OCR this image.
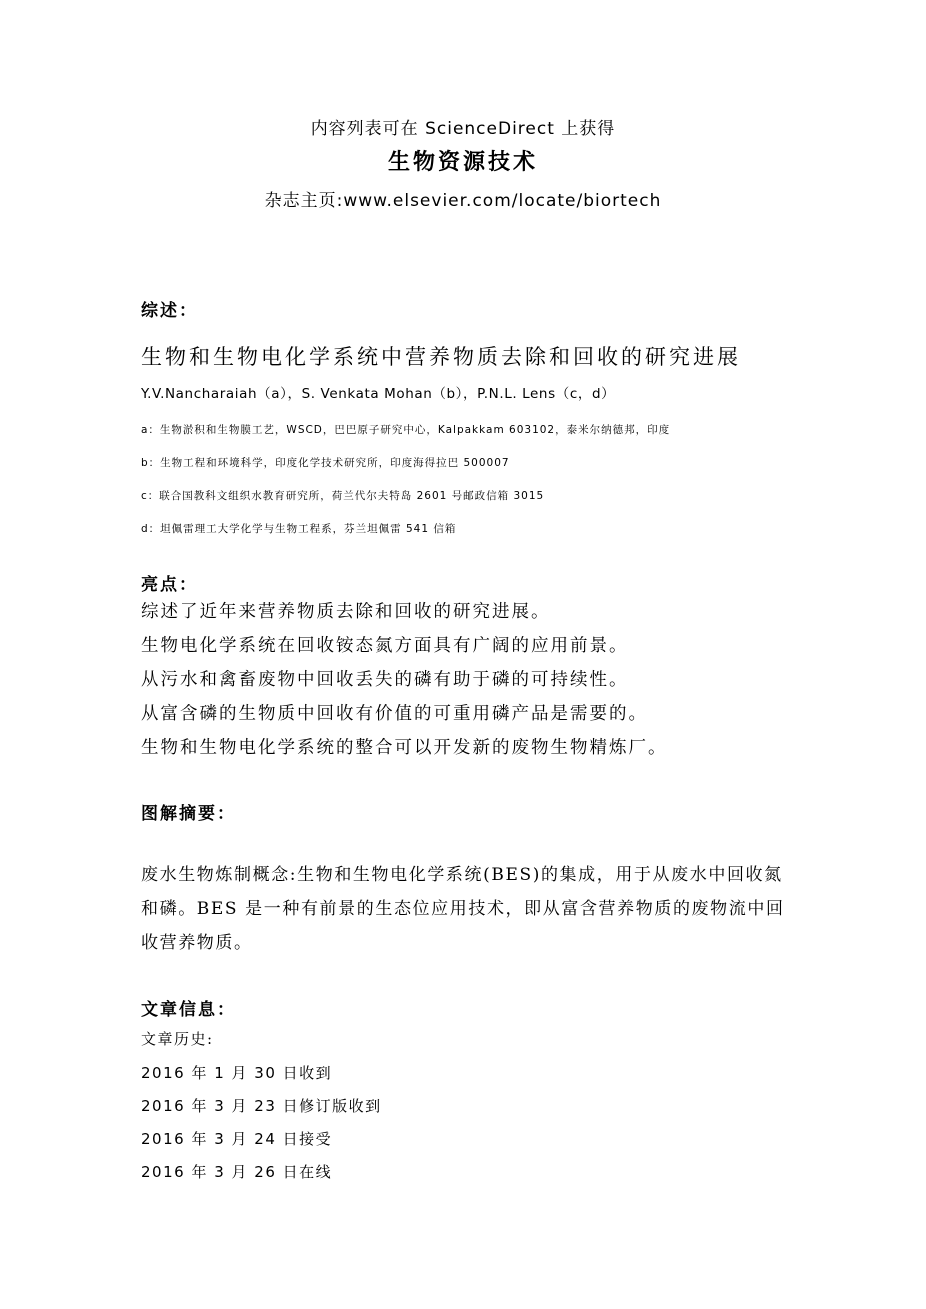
内容列表可在 ScienceDirect 上获得
生物资源技术
杂志主页:www.elsevier.com/locate/biortech
综述：
生物和生物电化学系统中营养物质去除和回收的研究进展
Y.V.Nancharaiah（a），S. Venkata Mohan（b），P.N.L. Lens（c，d）
a：生物淤积和生物膜工艺，WSCD，巴巴原子研究中心，Kalpakkam 603102，泰米尔纳德邦，印度
b：生物工程和环境科学，印度化学技术研究所，印度海得拉巴 500007
c：联合国教科文组织水教育研究所，荷兰代尔夫特岛 2601 号邮政信箱 3015
d：坦佩雷理工大学化学与生物工程系，芬兰坦佩雷 541 信箱
亮点：
综述了近年来营养物质去除和回收的研究进展。
生物电化学系统在回收铵态氮方面具有广阔的应用前景。
从污水和禽畜废物中回收丢失的磷有助于磷的可持续性。
从富含磷的生物质中回收有价值的可重用磷产品是需要的。
生物和生物电化学系统的整合可以开发新的废物生物精炼厂。
图解摘要：
废水生物炼制概念:生物和生物电化学系统(BES)的集成，用于从废水中回收氮和磷。BES 是一种有前景的生态位应用技术，即从富含营养物质的废物流中回收营养物质。
文章信息：
文章历史:
2016 年 1 月 30 日收到
2016 年 3 月 23 日修订版收到
2016 年 3 月 24 日接受
2016 年 3 月 26 日在线
